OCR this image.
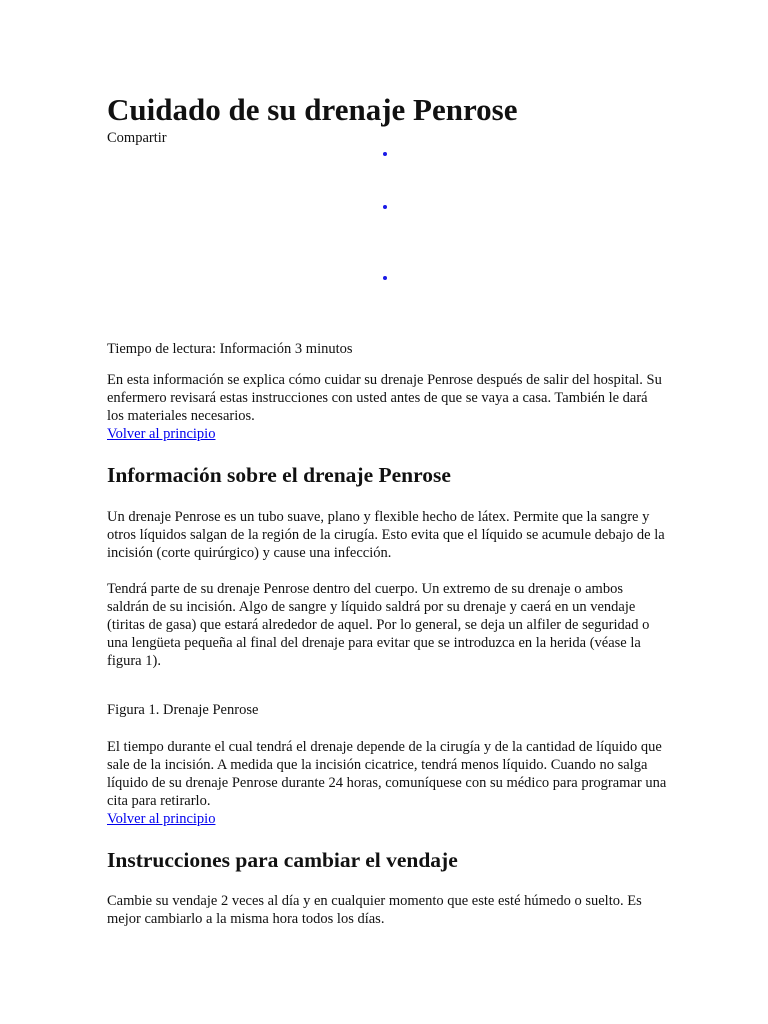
Cuidado de su drenaje Penrose
Compartir

Tiempo de lectura: Información 3 minutos

En esta información se explica cómo cuidar su drenaje Penrose después de salir del hospital. Su enfermero revisará estas instrucciones con usted antes de que se vaya a casa. También le dará los materiales necesarios.

Volver al principio
Información sobre el drenaje Penrose

Un drenaje Penrose es un tubo suave, plano y flexible hecho de látex. Permite que la sangre y otros líquidos salgan de la región de la cirugía. Esto evita que el líquido se acumule debajo de la incisión (corte quirúrgico) y cause una infección.

Tendrá parte de su drenaje Penrose dentro del cuerpo. Un extremo de su drenaje o ambos saldrán de su incisión. Algo de sangre y líquido saldrá por su drenaje y caerá en un vendaje (tiritas de gasa) que estará alrededor de aquel. Por lo general, se deja un alfiler de seguridad o una lengüeta pequeña al final del drenaje para evitar que se introduzca en la herida (véase la figura 1).

Figura 1. Drenaje Penrose

El tiempo durante el cual tendrá el drenaje depende de la cirugía y de la cantidad de líquido que sale de la incisión. A medida que la incisión cicatrice, tendrá menos líquido. Cuando no salga líquido de su drenaje Penrose durante 24 horas, comuníquese con su médico para programar una cita para retirarlo.

Volver al principio
Instrucciones para cambiar el vendaje

Cambie su vendaje 2 veces al día y en cualquier momento que este esté húmedo o suelto. Es mejor cambiarlo a la misma hora todos los días.
